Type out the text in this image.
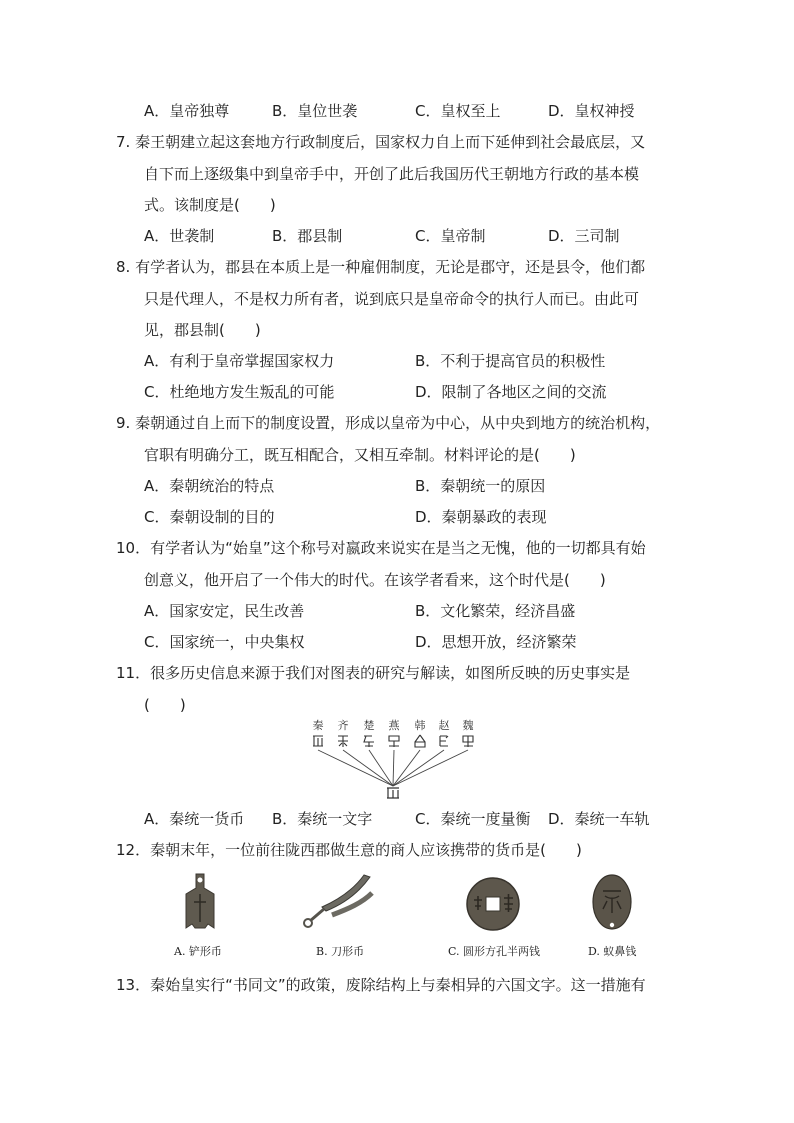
A．皇帝独尊	B．皇位世袭	C．皇权至上	D．皇权神授
7. 秦王朝建立起这套地方行政制度后，国家权力自上而下延伸到社会最底层，又
自下而上逐级集中到皇帝手中，开创了此后我国历代王朝地方行政的基本模
式。该制度是(　　)
A．世袭制	B．郡县制	C．皇帝制	D．三司制
8. 有学者认为，郡县在本质上是一种雇佣制度，无论是郡守，还是县令，他们都
只是代理人，不是权力所有者，说到底只是皇帝命令的执行人而已。由此可
见，郡县制(　　)
A．有利于皇帝掌握国家权力	B．不利于提高官员的积极性
C．杜绝地方发生叛乱的可能	D．限制了各地区之间的交流
9. 秦朝通过自上而下的制度设置，形成以皇帝为中心，从中央到地方的统治机构，
官职有明确分工，既互相配合，又相互牵制。材料评论的是(　　)
A．秦朝统治的特点	B．秦朝统一的原因
C．秦朝设制的目的	D．秦朝暴政的表现
10．有学者认为“始皇”这个称号对嬴政来说实在是当之无愧，他的一切都具有始
创意义，他开启了一个伟大的时代。在该学者看来，这个时代是(　　)
A．国家安定，民生改善	B．文化繁荣，经济昌盛
C．国家统一，中央集权	D．思想开放，经济繁荣
11．很多历史信息来源于我们对图表的研究与解读，如图所反映的历史事实是
(　　)
秦 齐 楚 燕 韩 赵 魏
A．秦统一货币 B．秦统一文字	C．秦统一度量衡 D．秦统一车轨
12．秦朝末年，一位前往陇西郡做生意的商人应该携带的货币是(　　)
A. 铲形币	B. 刀形币	C. 圆形方孔半两钱	D. 蚁鼻钱
13．秦始皇实行“书同文”的政策，废除结构上与秦相异的六国文字。这一措施有
